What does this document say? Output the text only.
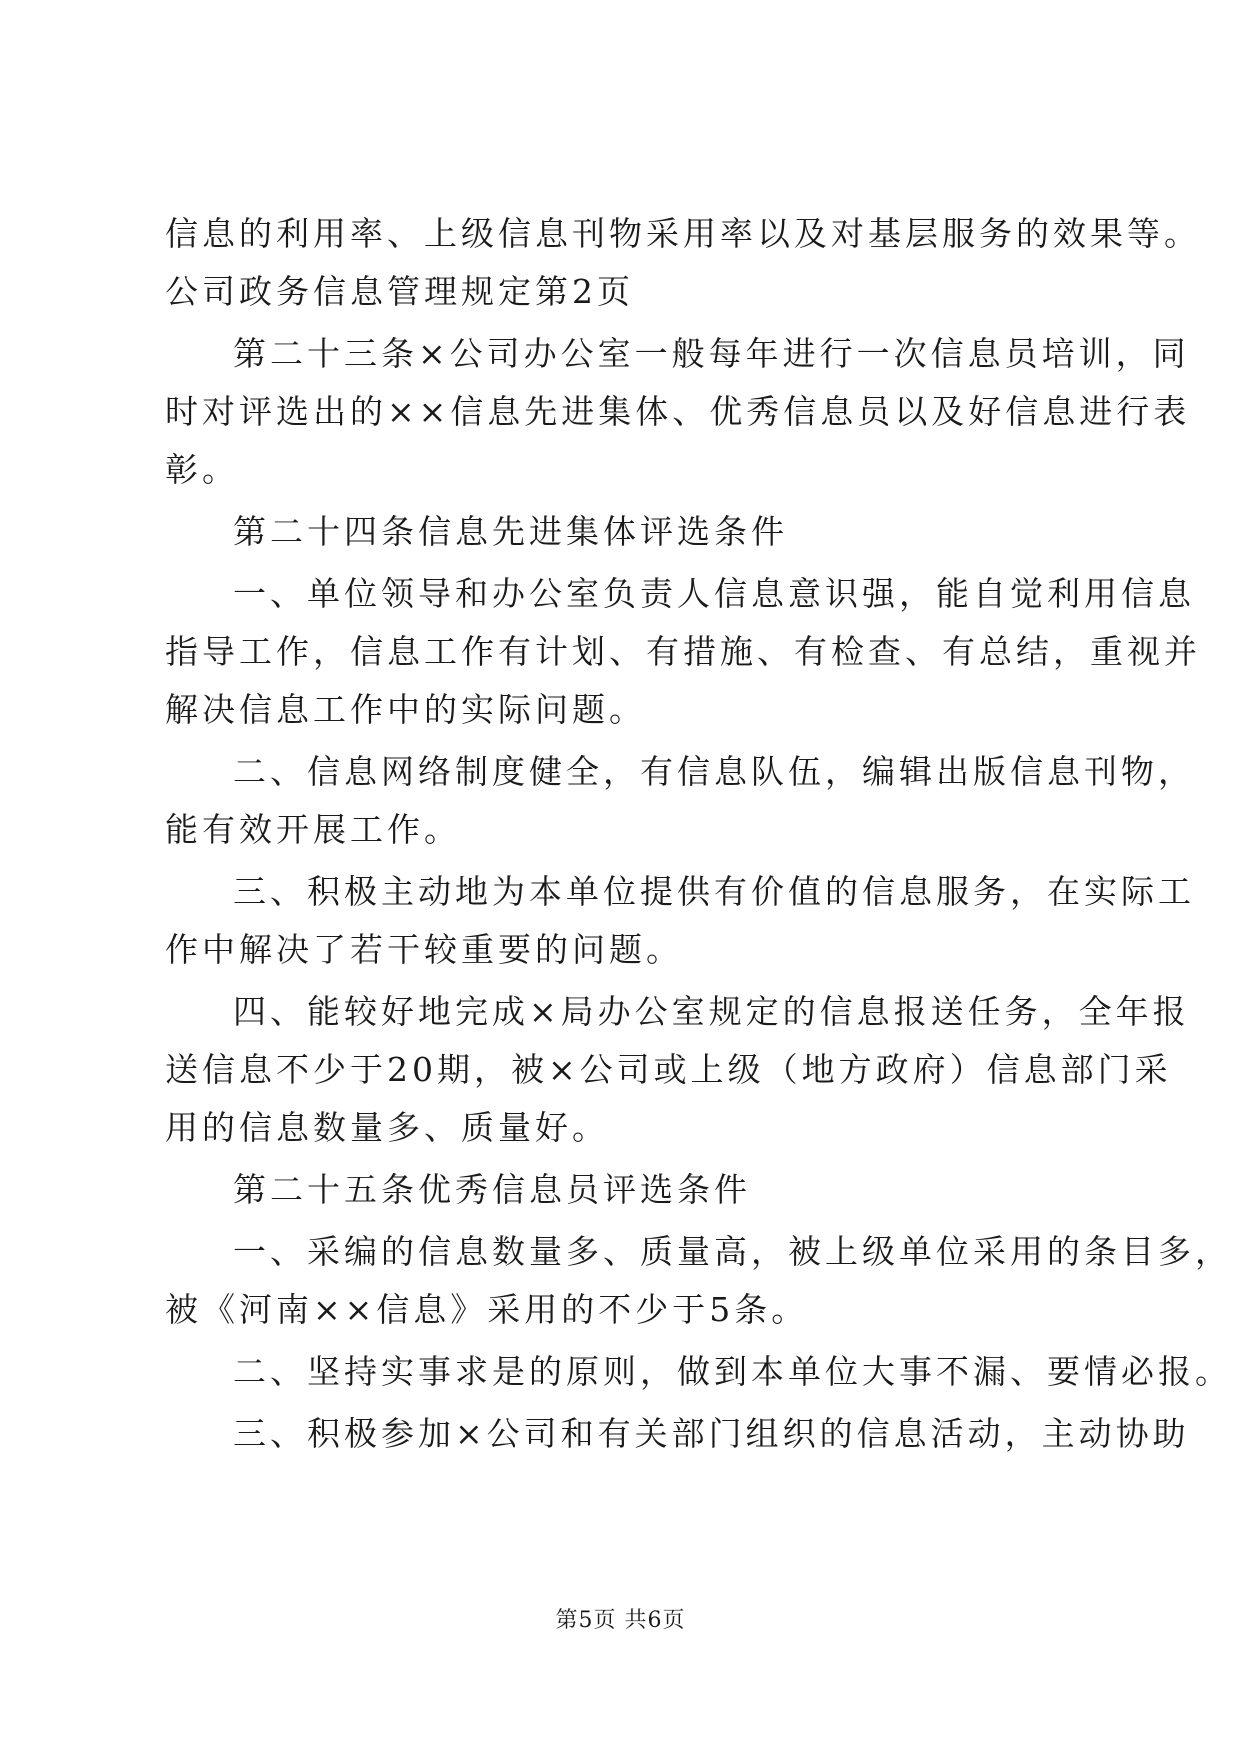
信息的利用率、上级信息刊物采用率以及对基层服务的效果等。
公司政务信息管理规定第2页
第二十三条×公司办公室一般每年进行一次信息员培训，同
时对评选出的××信息先进集体、优秀信息员以及好信息进行表
彰。
第二十四条信息先进集体评选条件
一、单位领导和办公室负责人信息意识强，能自觉利用信息
指导工作，信息工作有计划、有措施、有检查、有总结，重视并
解决信息工作中的实际问题。
二、信息网络制度健全，有信息队伍，编辑出版信息刊物，
能有效开展工作。
三、积极主动地为本单位提供有价值的信息服务，在实际工
作中解决了若干较重要的问题。
四、能较好地完成×局办公室规定的信息报送任务，全年报
送信息不少于20期，被×公司或上级（地方政府）信息部门采
用的信息数量多、质量好。
第二十五条优秀信息员评选条件
一、采编的信息数量多、质量高，被上级单位采用的条目多，
被《河南××信息》采用的不少于5条。
二、坚持实事求是的原则，做到本单位大事不漏、要情必报。
三、积极参加×公司和有关部门组织的信息活动，主动协助
第5页 共6页
